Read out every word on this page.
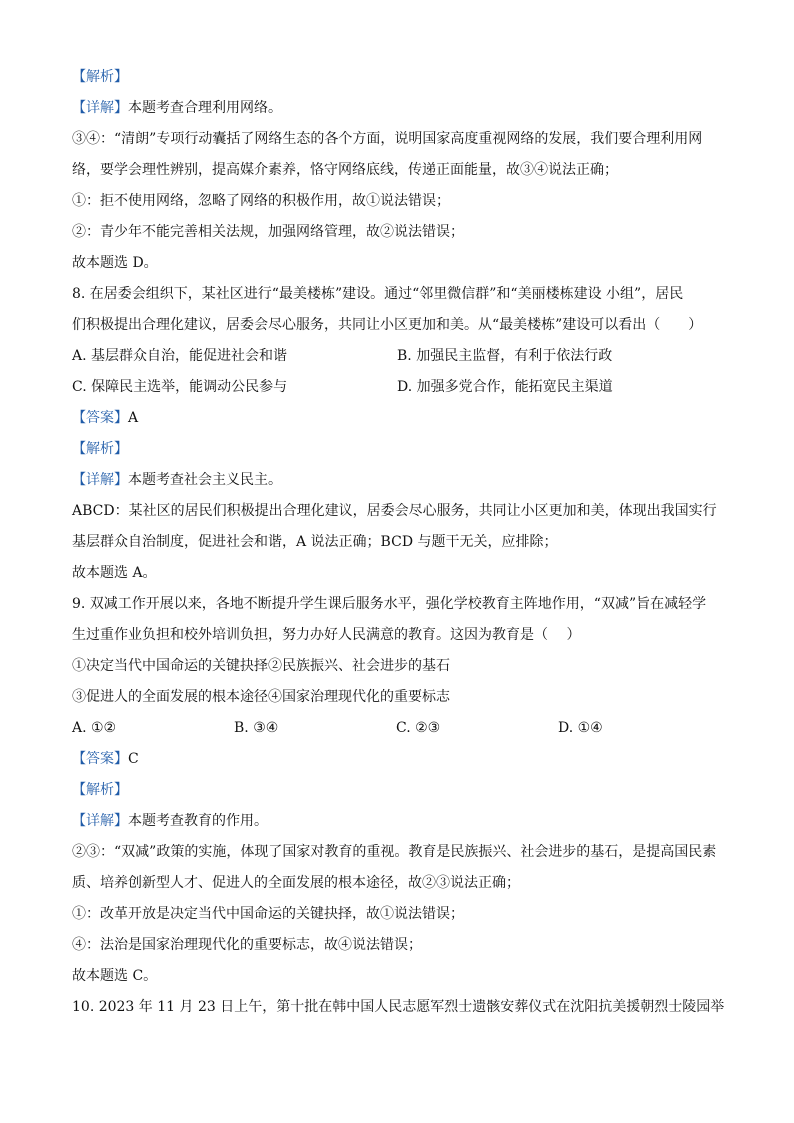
【解析】
【详解】本题考查合理利用网络。
③④：“清朗”专项行动囊括了网络生态的各个方面，说明国家高度重视网络的发展，我们要合理利用网
络，要学会理性辨别，提高媒介素养，恪守网络底线，传递正面能量，故③④说法正确；
①：拒不使用网络，忽略了网络的积极作用，故①说法错误；
②：青少年不能完善相关法规，加强网络管理，故②说法错误；
故本题选 D。
8. 在居委会组织下，某社区进行“最美楼栋”建设。通过“邻里微信群”和“美丽楼栋建设 小组”，居民
们积极提出合理化建议，居委会尽心服务，共同让小区更加和美。从“最美楼栋”建设可以看出（　　）
A. 基层群众自治，能促进社会和谐	B. 加强民主监督，有利于依法行政
C. 保障民主选举，能调动公民参与	D. 加强多党合作，能拓宽民主渠道
【答案】A
【解析】
【详解】本题考查社会主义民主。
ABCD：某社区的居民们积极提出合理化建议，居委会尽心服务，共同让小区更加和美，体现出我国实行
基层群众自治制度，促进社会和谐，A 说法正确；BCD 与题干无关，应排除；
故本题选 A。
9. 双减工作开展以来，各地不断提升学生课后服务水平，强化学校教育主阵地作用，“双减”旨在减轻学
生过重作业负担和校外培训负担，努力办好人民满意的教育。这因为教育是（　 ）
①决定当代中国命运的关键抉择②民族振兴、社会进步的基石
③促进人的全面发展的根本途径④国家治理现代化的重要标志
A. ①②	B. ③④	C. ②③	D. ①④
【答案】C
【解析】
【详解】本题考查教育的作用。
②③：“双减”政策的实施，体现了国家对教育的重视。教育是民族振兴、社会进步的基石，是提高国民素
质、培养创新型人才、促进人的全面发展的根本途径，故②③说法正确；
①：改革开放是决定当代中国命运的关键抉择，故①说法错误；
④：法治是国家治理现代化的重要标志，故④说法错误；
故本题选 C。
10. 2023 年 11 月 23 日上午，第十批在韩中国人民志愿军烈士遗骸安葬仪式在沈阳抗美援朝烈士陵园举
